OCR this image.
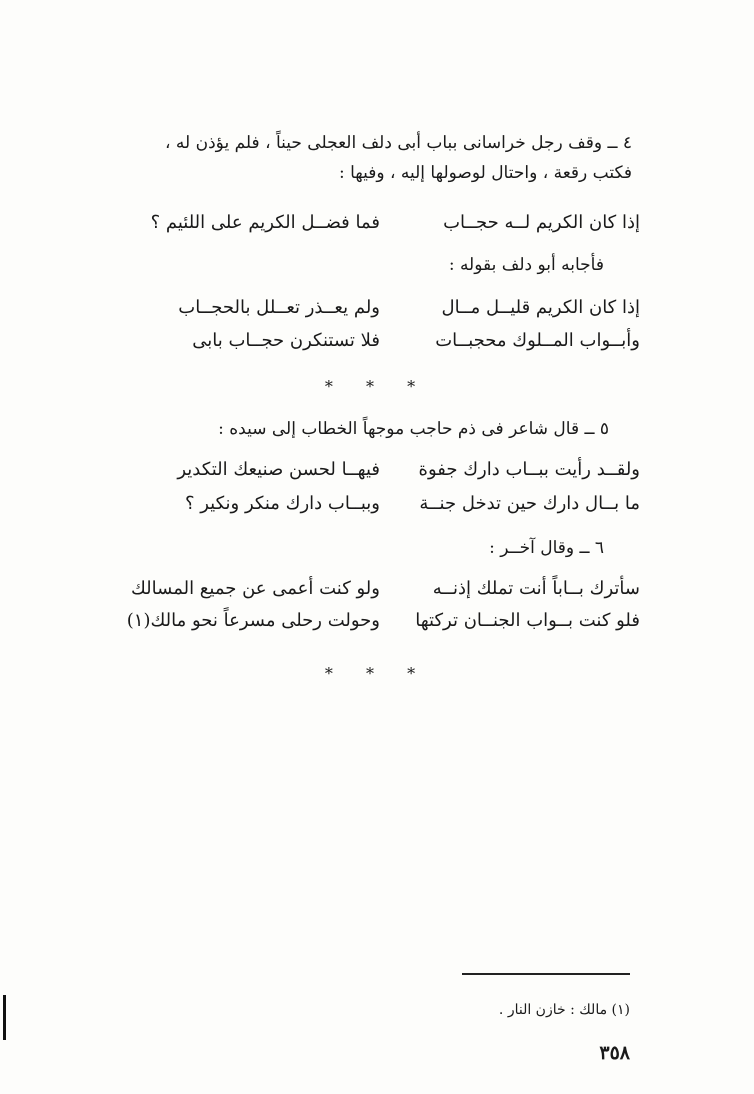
٤ ــ وقف رجل خراسانى بباب أبى دلف العجلى حيناً ، فلم يؤذن له ،
فكتب رقعة ، واحتال لوصولها إليه ، وفيها :
إذا كان الكريم لــه حجــاب
فما فضــل الكريم على اللئيم ؟
فأجابه أبو دلف بقوله :
إذا كان الكريم قليــل مــال
ولم يعــذر تعــلل بالحجــاب
وأبــواب المــلوك محجبــات
فلا تستنكرن حجــاب بابى
* * *
٥ ــ قال شاعر فى ذم حاجب موجهاً الخطاب إلى سيده :
ولقــد رأيت ببــاب دارك جفوة
فيهــا لحسن صنيعك التكدير
ما بــال دارك حين تدخل جنــة
وببــاب دارك منكر ونكير ؟
٦ ــ وقال آخــر :
سأترك بــاباً أنت تملك إذنــه
ولو كنت أعمى عن جميع المسالك
فلو كنت بــواب الجنــان تركتها
وحولت رحلى مسرعاً نحو مالك(١)
* * *
(١) مالك : خازن النار .
٣٥٨
